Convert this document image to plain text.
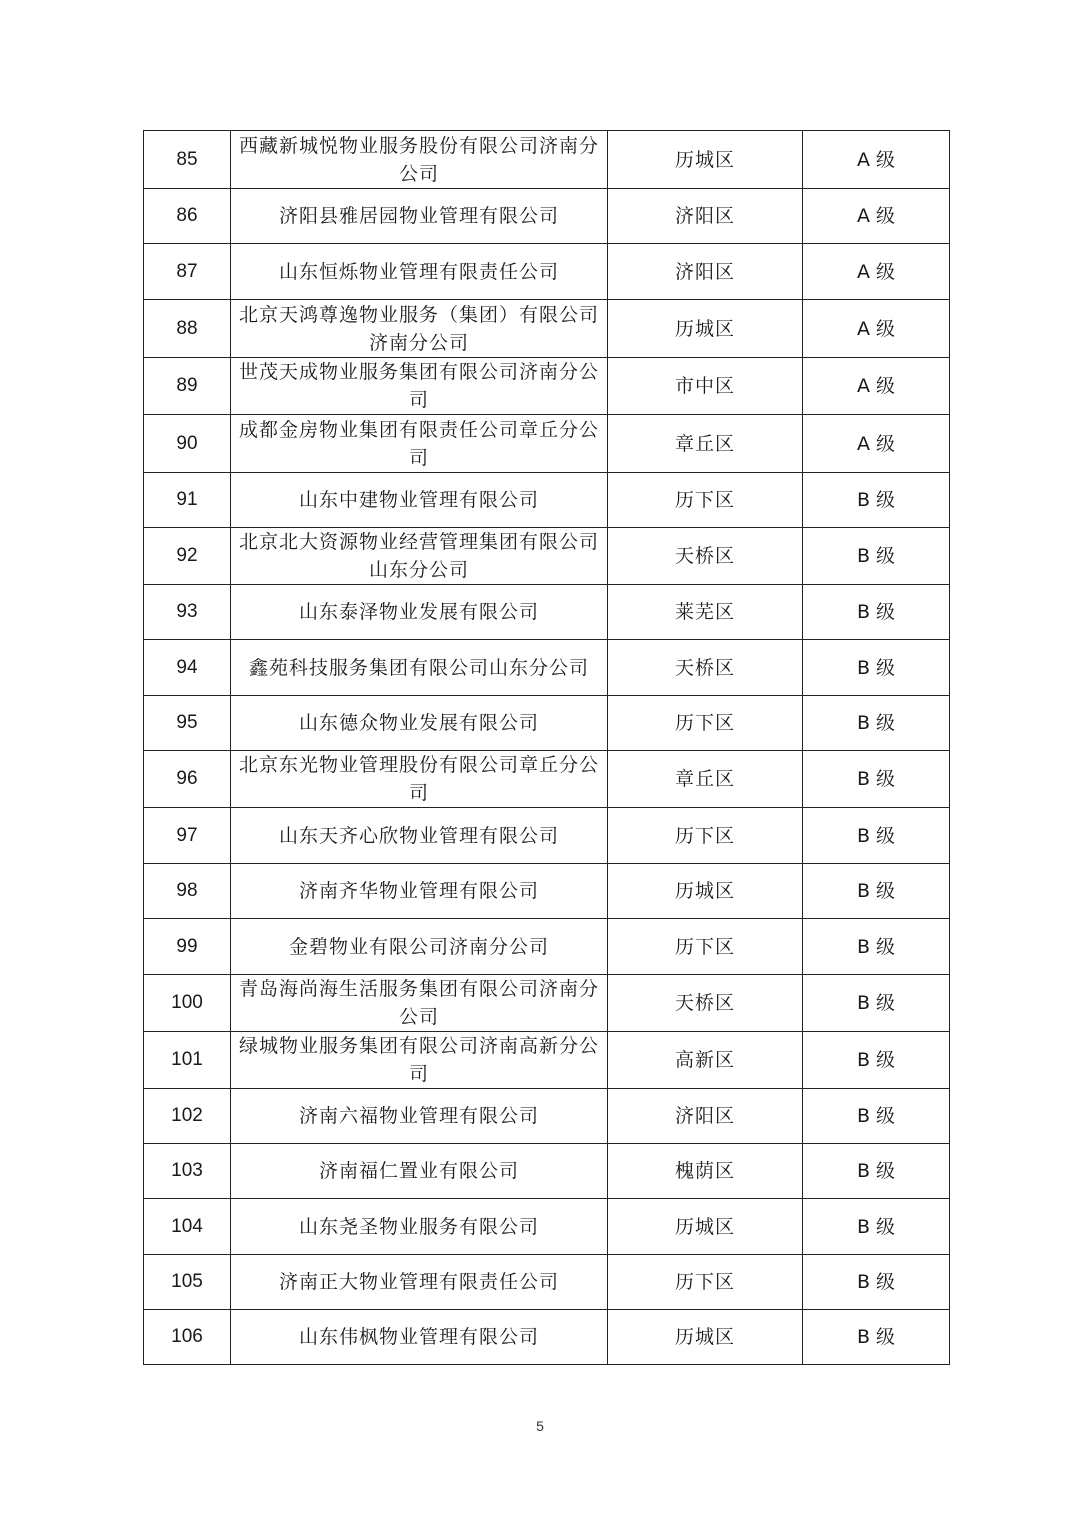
85	西藏新城悦物业服务股份有限公司济南分公司	历城区	A 级
86	济阳县雅居园物业管理有限公司	济阳区	A 级
87	山东恒烁物业管理有限责任公司	济阳区	A 级
88	北京天鸿尊逸物业服务（集团）有限公司济南分公司	历城区	A 级
89	世茂天成物业服务集团有限公司济南分公司	市中区	A 级
90	成都金房物业集团有限责任公司章丘分公司	章丘区	A 级
91	山东中建物业管理有限公司	历下区	B 级
92	北京北大资源物业经营管理集团有限公司山东分公司	天桥区	B 级
93	山东泰泽物业发展有限公司	莱芜区	B 级
94	鑫苑科技服务集团有限公司山东分公司	天桥区	B 级
95	山东德众物业发展有限公司	历下区	B 级
96	北京东光物业管理股份有限公司章丘分公司	章丘区	B 级
97	山东天齐心欣物业管理有限公司	历下区	B 级
98	济南齐华物业管理有限公司	历城区	B 级
99	金碧物业有限公司济南分公司	历下区	B 级
100	青岛海尚海生活服务集团有限公司济南分公司	天桥区	B 级
101	绿城物业服务集团有限公司济南高新分公司	高新区	B 级
102	济南六福物业管理有限公司	济阳区	B 级
103	济南福仁置业有限公司	槐荫区	B 级
104	山东尧圣物业服务有限公司	历城区	B 级
105	济南正大物业管理有限责任公司	历下区	B 级
106	山东伟枫物业管理有限公司	历城区	B 级
5
